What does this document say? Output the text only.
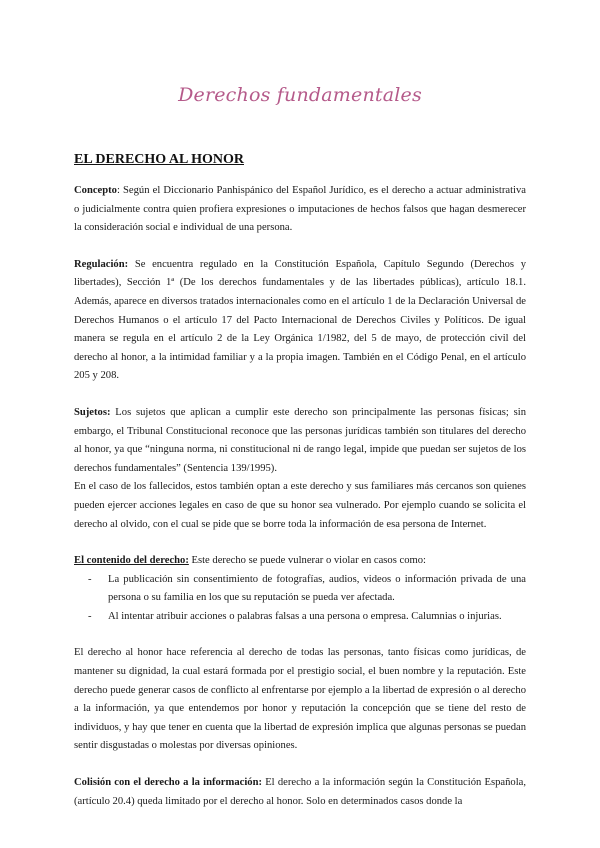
Derechos fundamentales
EL DERECHO AL HONOR

Concepto: Según el Diccionario Panhispánico del Español Jurídico, es el derecho a actuar administrativa o judicialmente contra quien profiera expresiones o imputaciones de hechos falsos que hagan desmerecer la consideración social e individual de una persona.

Regulación: Se encuentra regulado en la Constitución Española, Capítulo Segundo (Derechos y libertades), Sección 1ª (De los derechos fundamentales y de las libertades públicas), artículo 18.1. Además, aparece en diversos tratados internacionales como en el artículo 1 de la Declaración Universal de Derechos Humanos o el artículo 17 del Pacto Internacional de Derechos Civiles y Políticos. De igual manera se regula en el artículo 2 de la Ley Orgánica 1/1982, del 5 de mayo, de protección civil del derecho al honor, a la intimidad familiar y a la propia imagen. También en el Código Penal, en el artículo 205 y 208.

Sujetos: Los sujetos que aplican a cumplir este derecho son principalmente las personas físicas; sin embargo, el Tribunal Constitucional reconoce que las personas jurídicas también son titulares del derecho al honor, ya que “ninguna norma, ni constitucional ni de rango legal, impide que puedan ser sujetos de los derechos fundamentales” (Sentencia 139/1995).

En el caso de los fallecidos, estos también optan a este derecho y sus familiares más cercanos son quienes pueden ejercer acciones legales en caso de que su honor sea vulnerado. Por ejemplo cuando se solicita el derecho al olvido, con el cual se pide que se borre toda la información de esa persona de Internet.

El contenido del derecho: Este derecho se puede vulnerar o violar en casos como:

- La publicación sin consentimiento de fotografías, audios, videos o información privada de una persona o su familia en los que su reputación se pueda ver afectada.
- Al intentar atribuir acciones o palabras falsas a una persona o empresa. Calumnias o injurias.

El derecho al honor hace referencia al derecho de todas las personas, tanto físicas como jurídicas, de mantener su dignidad, la cual estará formada por el prestigio social, el buen nombre y la reputación. Este derecho puede generar casos de conflicto al enfrentarse por ejemplo a la libertad de expresión o al derecho a la información, ya que entendemos por honor y reputación la concepción que se tiene del resto de individuos, y hay que tener en cuenta que la libertad de expresión implica que algunas personas se puedan sentir disgustadas o molestas por diversas opiniones.

Colisión con el derecho a la información: El derecho a la información según la Constitución Española, (artículo 20.4) queda limitado por el derecho al honor. Solo en determinados casos donde la
